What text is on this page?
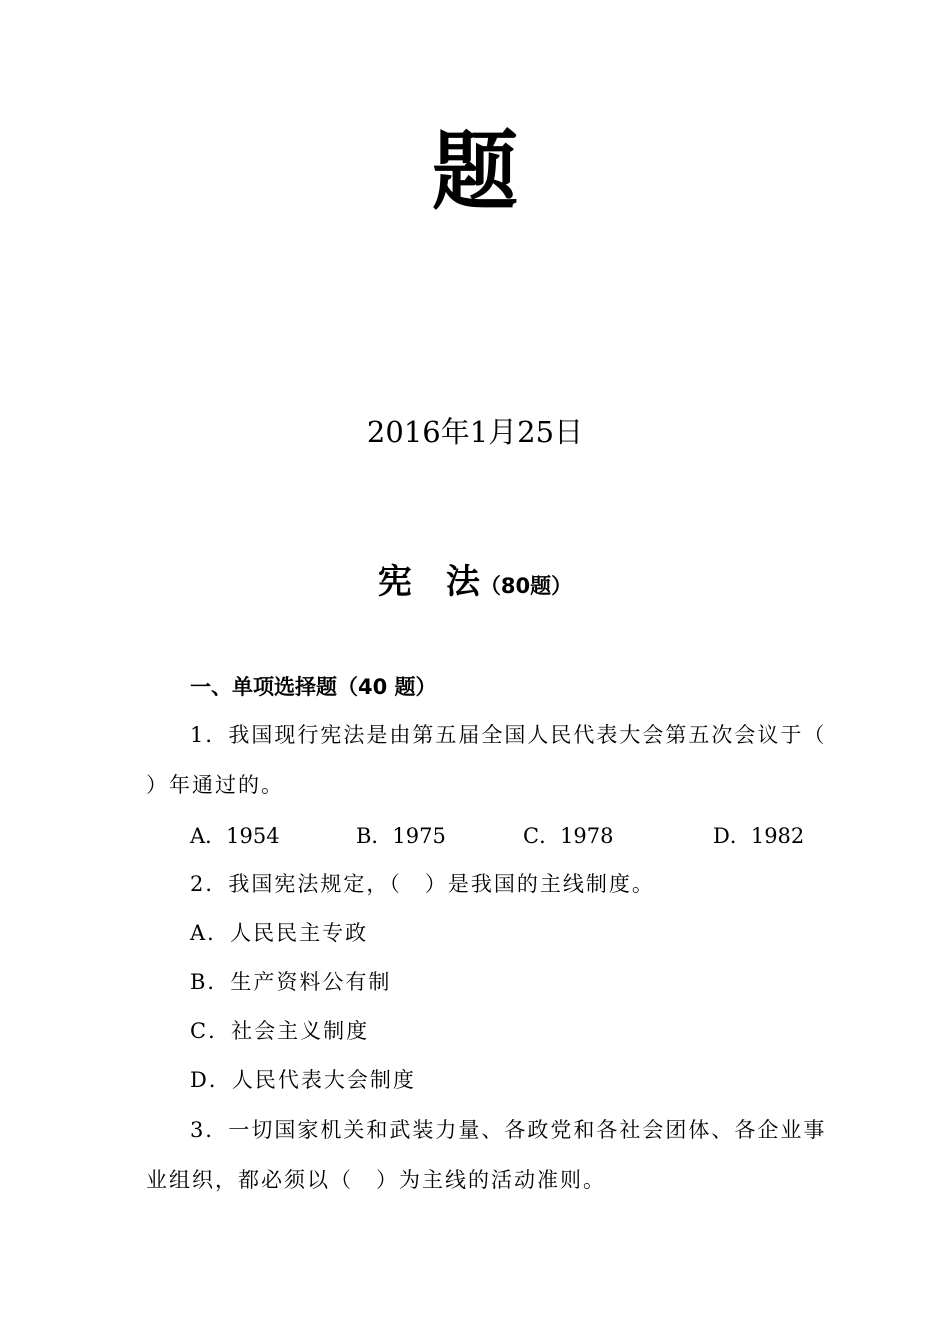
题
2016年1月25日
宪 法（80题）
一、单项选择题（40 题）
1．我国现行宪法是由第五届全国人民代表大会第五次会议于（
）年通过的。
A．1954	B．1975	C．1978	D．1982
2．我国宪法规定，（　）是我国的主线制度。
A．人民民主专政
B．生产资料公有制
C．社会主义制度
D．人民代表大会制度
3．一切国家机关和武装力量、各政党和各社会团体、各企业事
业组织，都必须以（　）为主线的活动准则。
